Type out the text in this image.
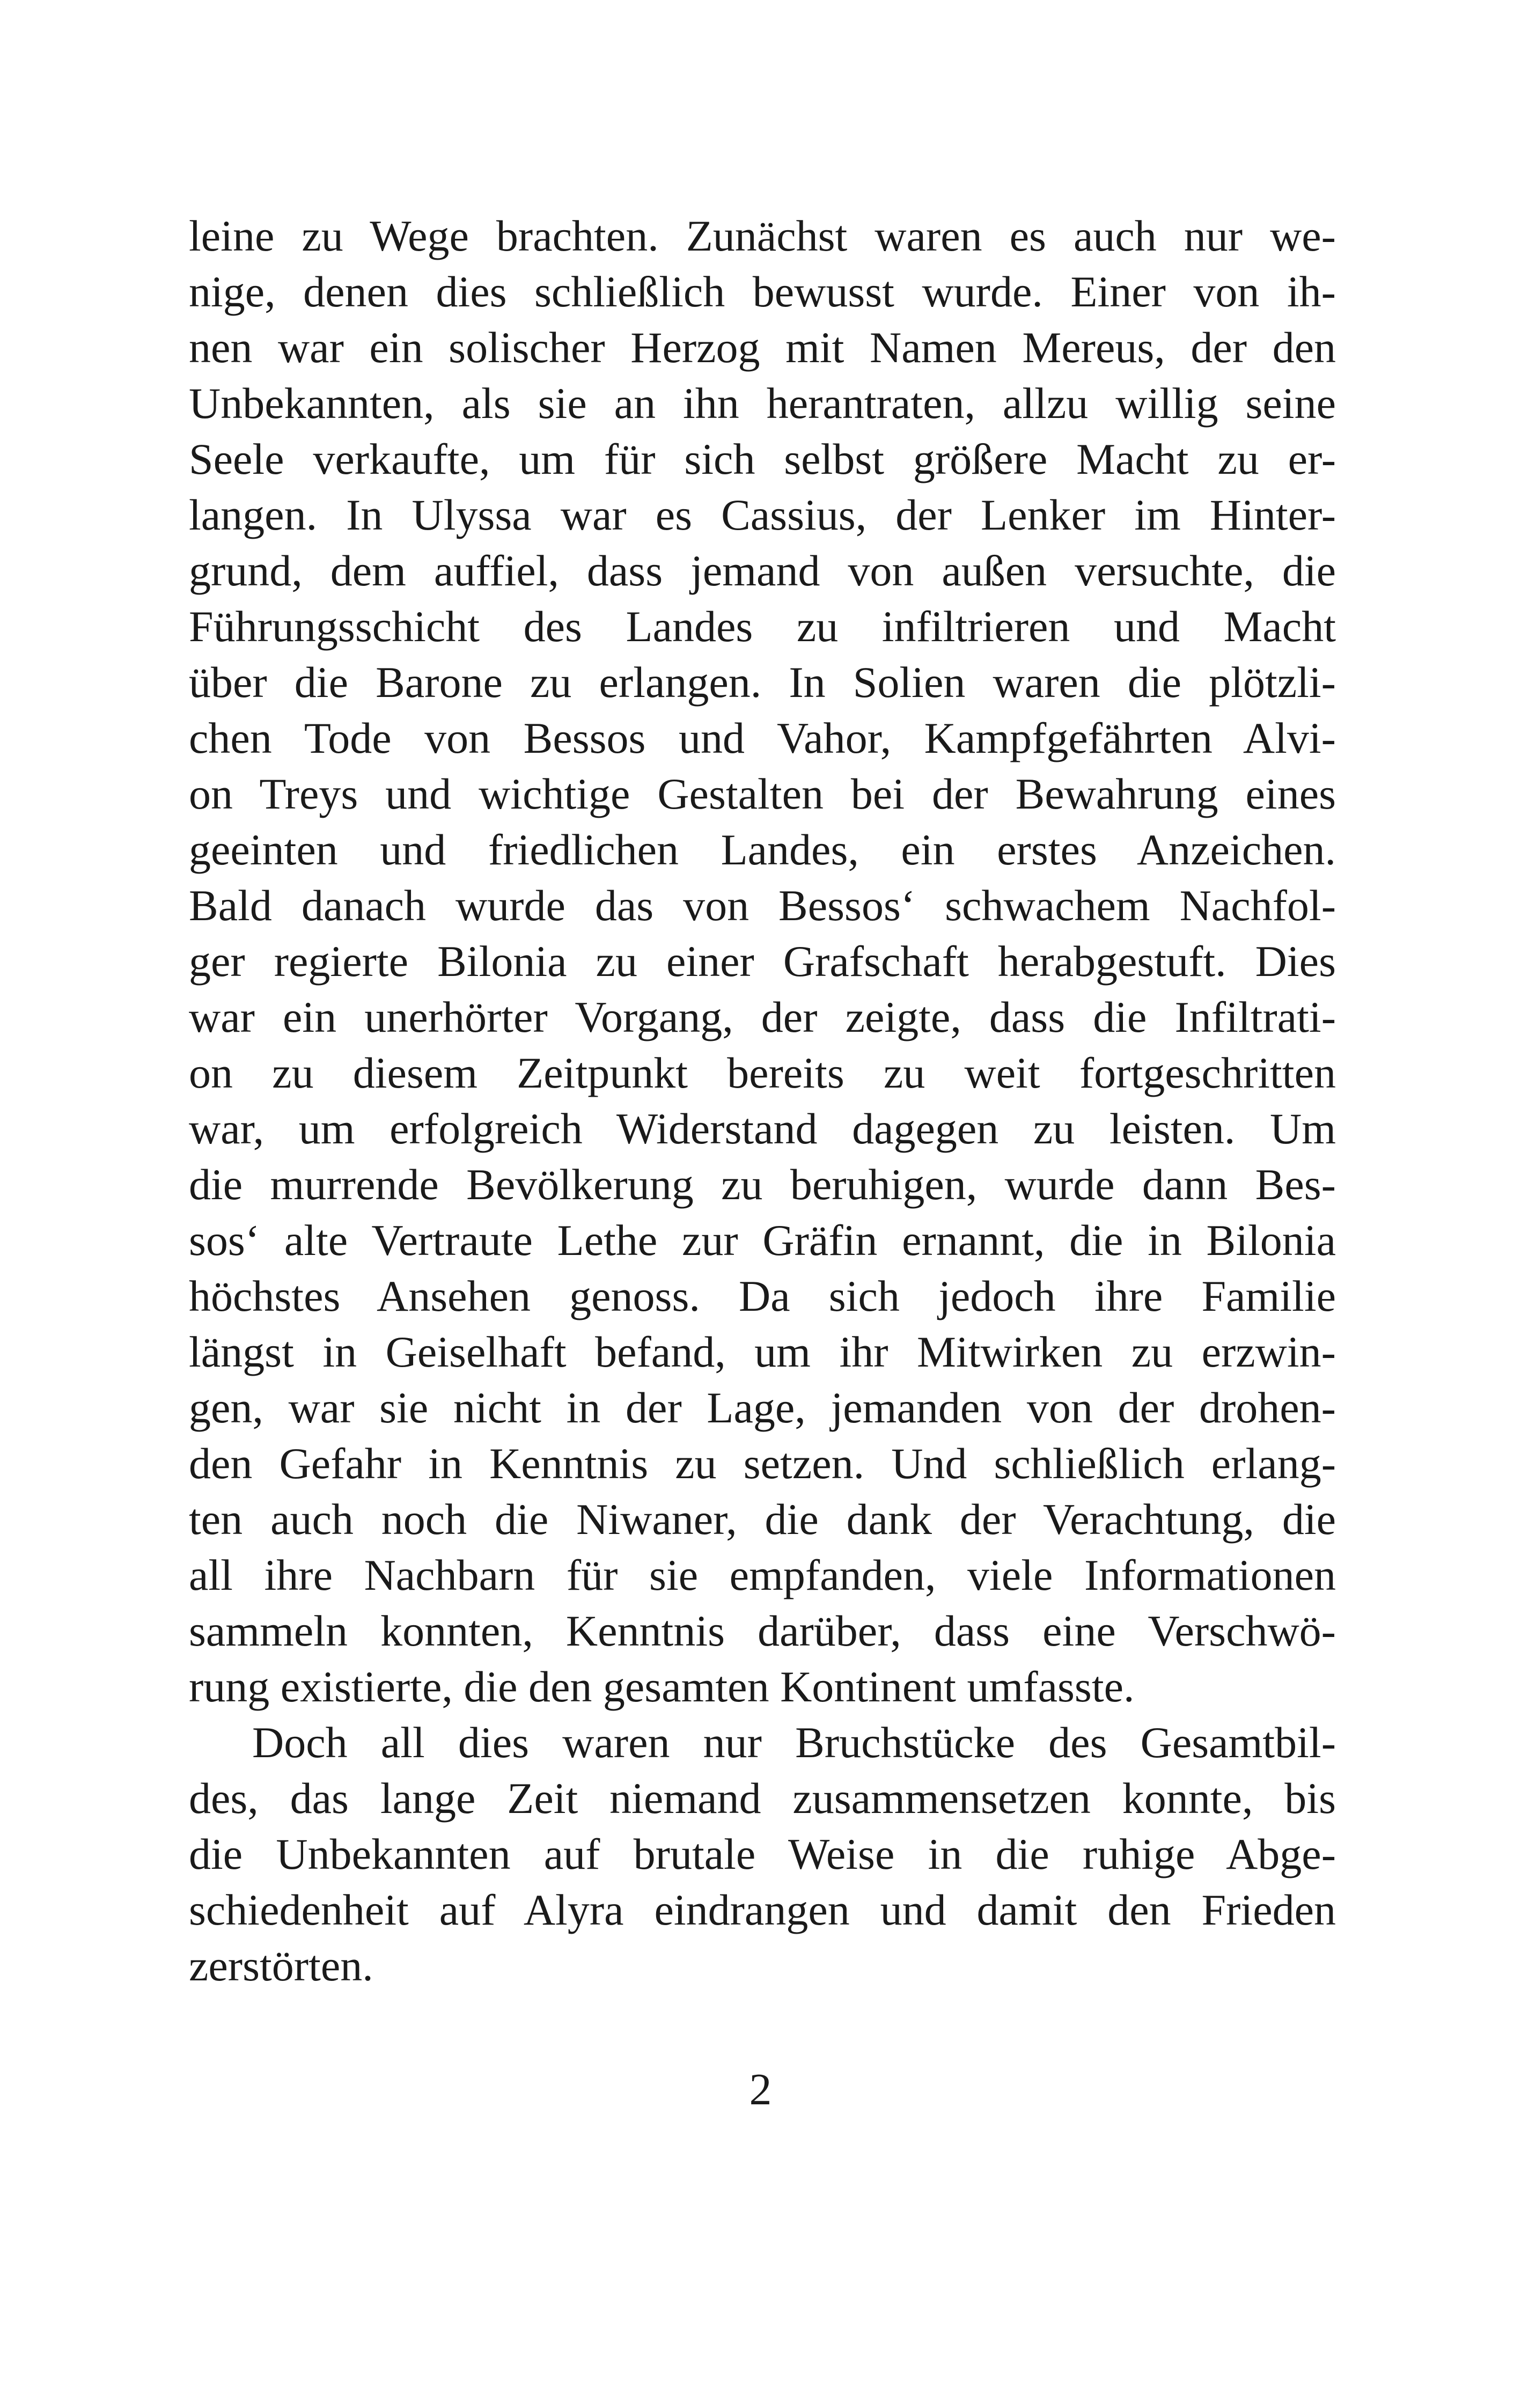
leine zu Wege brachten. Zunächst waren es auch nur we-
nige, denen dies schließlich bewusst wurde. Einer von ih-
nen war ein solischer Herzog mit Namen Mereus, der den
Unbekannten, als sie an ihn herantraten, allzu willig seine
Seele verkaufte, um für sich selbst größere Macht zu er-
langen. In Ulyssa war es Cassius, der Lenker im Hinter-
grund, dem auffiel, dass jemand von außen versuchte, die
Führungsschicht des Landes zu infiltrieren und Macht
über die Barone zu erlangen. In Solien waren die plötzli-
chen Tode von Bessos und Vahor, Kampfgefährten Alvi-
on Treys und wichtige Gestalten bei der Bewahrung eines
geeinten und friedlichen Landes, ein erstes Anzeichen.
Bald danach wurde das von Bessos‘ schwachem Nachfol-
ger regierte Bilonia zu einer Grafschaft herabgestuft. Dies
war ein unerhörter Vorgang, der zeigte, dass die Infiltrati-
on zu diesem Zeitpunkt bereits zu weit fortgeschritten
war, um erfolgreich Widerstand dagegen zu leisten. Um
die murrende Bevölkerung zu beruhigen, wurde dann Bes-
sos‘ alte Vertraute Lethe zur Gräfin ernannt, die in Bilonia
höchstes Ansehen genoss. Da sich jedoch ihre Familie
längst in Geiselhaft befand, um ihr Mitwirken zu erzwin-
gen, war sie nicht in der Lage, jemanden von der drohen-
den Gefahr in Kenntnis zu setzen. Und schließlich erlang-
ten auch noch die Niwaner, die dank der Verachtung, die
all ihre Nachbarn für sie empfanden, viele Informationen
sammeln konnten, Kenntnis darüber, dass eine Verschwö-
rung existierte, die den gesamten Kontinent umfasste.
Doch all dies waren nur Bruchstücke des Gesamtbil-
des, das lange Zeit niemand zusammensetzen konnte, bis
die Unbekannten auf brutale Weise in die ruhige Abge-
schiedenheit auf Alyra eindrangen und damit den Frieden
zerstörten.
2
